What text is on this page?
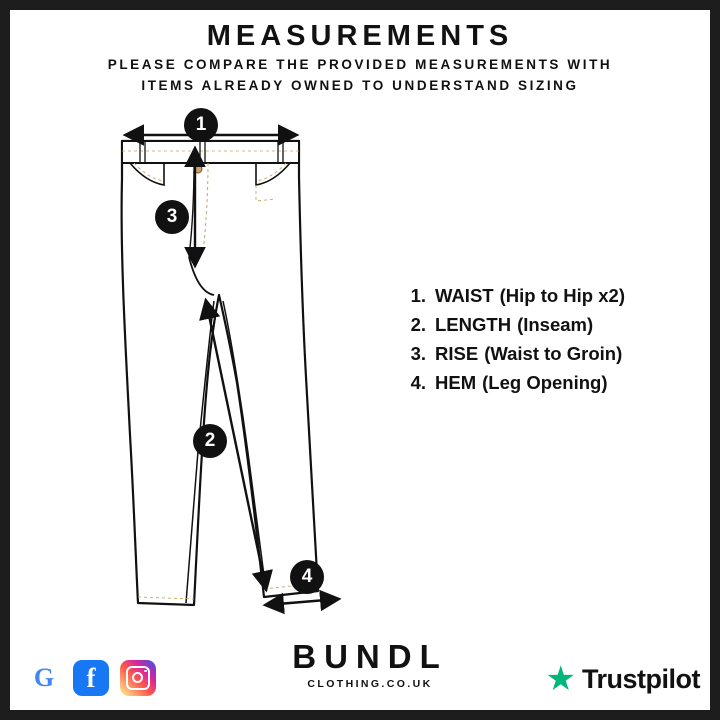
MEASUREMENTS
PLEASE COMPARE THE PROVIDED MEASUREMENTS WITH
ITEMS ALREADY OWNED TO UNDERSTAND SIZING
1
3
2
4
1. WAIST (Hip to Hip x2)
2. LENGTH (Inseam)
3. RISE (Waist to Groin)
4. HEM (Leg Opening)
BUNDL
CLOTHING.CO.UK
G f	★ Trustpilot
